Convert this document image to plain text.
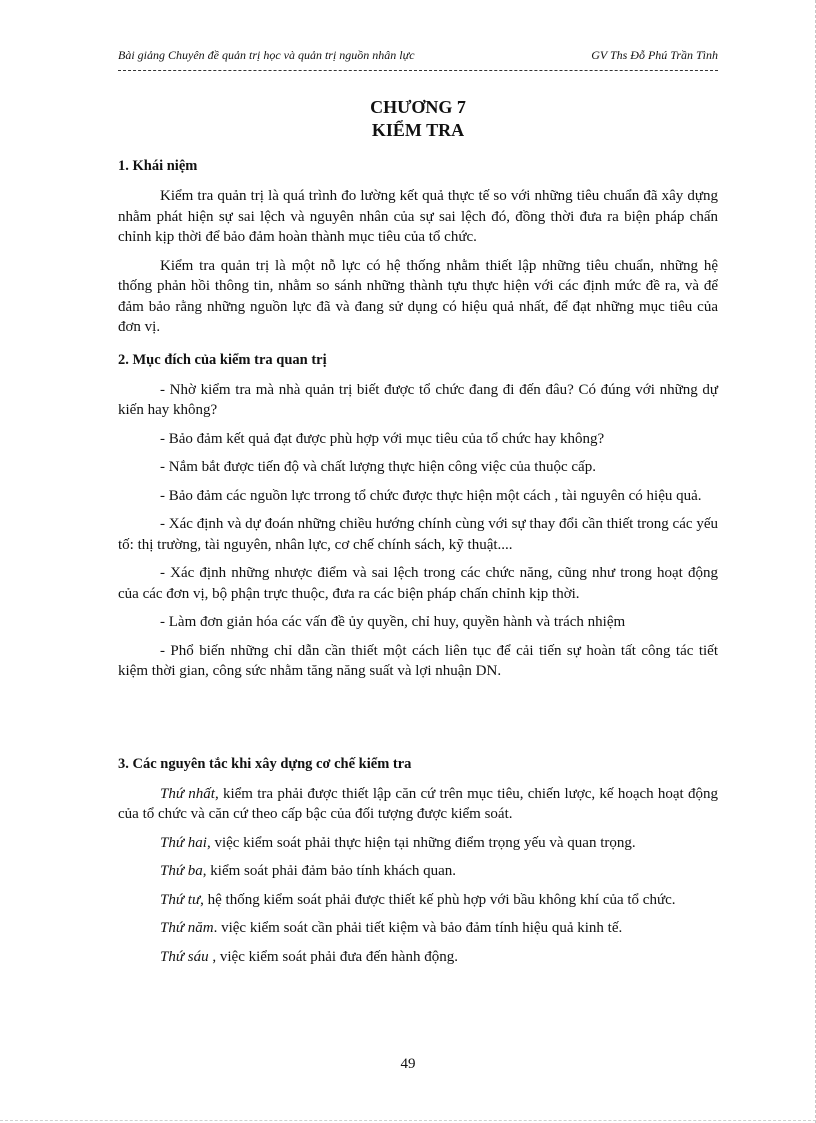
Bài giảng Chuyên đề quản trị học và quản trị nguồn nhân lực	GV Ths Đỗ Phú Trần Tình

CHƯƠNG 7

KIỂM TRA

1. Khái niệm

Kiểm tra quản trị là quá trình đo lường kết quả thực tế so với những tiêu chuẩn đã xây dựng nhằm phát hiện sự sai lệch và nguyên nhân của sự sai lệch đó, đồng thời đưa ra biện pháp chấn chỉnh kịp thời để bảo đảm hoàn thành mục tiêu của tổ chức.

Kiểm tra quản trị là một nỗ lực có hệ thống nhằm thiết lập những tiêu chuẩn, những hệ thống phản hồi thông tin, nhằm so sánh những thành tựu thực hiện với các định mức đề ra, và để đảm bảo rằng những nguồn lực đã và đang sử dụng có hiệu quả nhất, để đạt những mục tiêu của đơn vị.

2. Mục đích của kiểm tra quan trị

- Nhờ kiểm tra mà nhà quản trị biết được tổ chức đang đi đến đâu? Có đúng với những dự kiến hay không?

- Bảo đảm kết quả đạt được phù hợp với mục tiêu của tổ chức hay không?

- Nắm bắt được tiến độ và chất lượng thực hiện công việc của thuộc cấp.

- Bảo đảm các nguồn lực trrong tổ chức được thực hiện một cách , tài nguyên có hiệu quả.

- Xác định và dự đoán những chiều hướng chính cùng với sự thay đổi cần thiết trong các yếu tố: thị trường, tài nguyên, nhân lực, cơ chế chính sách, kỹ thuật....

- Xác định những nhược điểm và sai lệch trong các chức năng, cũng như trong hoạt động của các đơn vị, bộ phận trực thuộc, đưa ra các biện pháp chấn chỉnh kịp thời.

- Làm đơn giản hóa các vấn đề ủy quyền, chỉ huy, quyền hành và trách nhiệm

- Phổ biến những chỉ dẫn cần thiết một cách liên tục để cải tiến sự hoàn tất công tác tiết kiệm thời gian, công sức nhằm tăng năng suất và lợi nhuận DN.

3. Các nguyên tắc khi xây dựng cơ chế kiểm tra

Thứ nhất, kiểm tra phải được thiết lập căn cứ trên mục tiêu, chiến lược, kế hoạch hoạt động của tổ chức và căn cứ theo cấp bậc của đối tượng được kiểm soát.

Thứ hai, việc kiểm soát phải thực hiện tại những điểm trọng yếu và quan trọng.

Thứ ba, kiểm soát phải đảm bảo tính khách quan.

Thứ tư, hệ thống kiểm soát phải được thiết kế phù hợp với bầu không khí của tổ chức.

Thứ năm. việc kiểm soát cần phải tiết kiệm và bảo đảm tính hiệu quả kinh tế.

Thứ sáu , việc kiểm soát phải đưa đến hành động.

49
